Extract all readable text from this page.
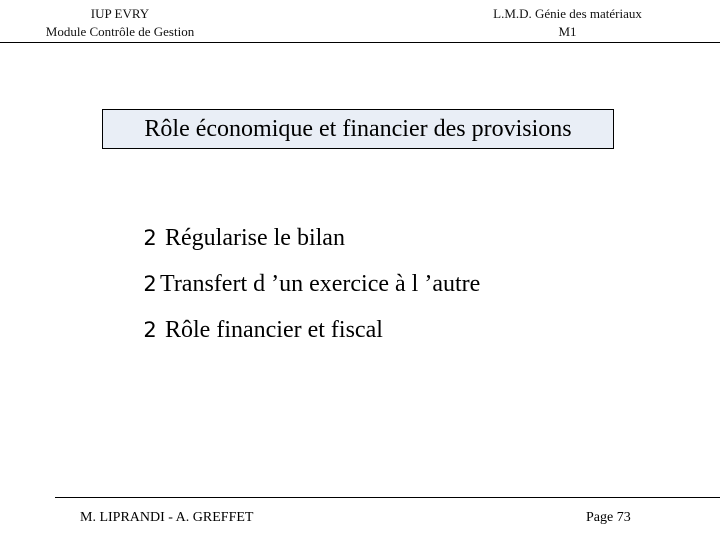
IUP EVRY
Module Contrôle de Gestion
L.M.D. Génie des matériaux
M1
Rôle économique et financier des provisions
2 Régularise le bilan
2 Transfert d ’un exercice à l ’autre
2 Rôle financier et fiscal
M. LIPRANDI - A. GREFFET	Page 73
